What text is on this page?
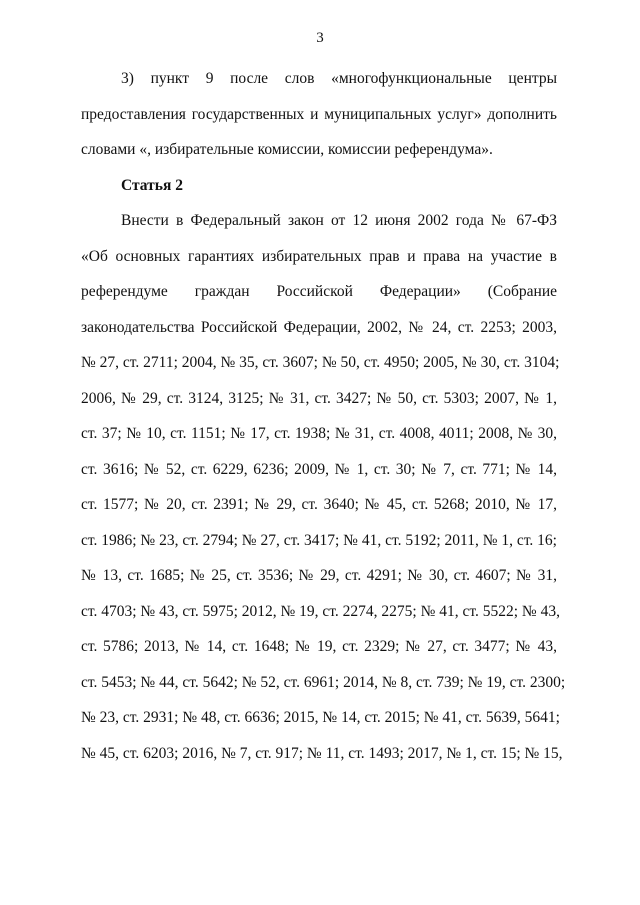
3
3) пункт 9 после слов «многофункциональные центры
предоставления государственных и муниципальных услуг» дополнить
словами «, избирательные комиссии, комиссии референдума».
Статья 2
Внести в Федеральный закон от 12 июня 2002 года № 67-ФЗ
«Об основных гарантиях избирательных прав и права на участие в
референдуме граждан Российской Федерации» (Собрание
законодательства Российской Федерации, 2002, № 24, ст. 2253; 2003,
№ 27, ст. 2711; 2004, № 35, ст. 3607; № 50, ст. 4950; 2005, № 30, ст. 3104;
2006, № 29, ст. 3124, 3125; № 31, ст. 3427; № 50, ст. 5303; 2007, № 1,
ст. 37; № 10, ст. 1151; № 17, ст. 1938; № 31, ст. 4008, 4011; 2008, № 30,
ст. 3616; № 52, ст. 6229, 6236; 2009, № 1, ст. 30; № 7, ст. 771; № 14,
ст. 1577; № 20, ст. 2391; № 29, ст. 3640; № 45, ст. 5268; 2010, № 17,
ст. 1986; № 23, ст. 2794; № 27, ст. 3417; № 41, ст. 5192; 2011, № 1, ст. 16;
№ 13, ст. 1685; № 25, ст. 3536; № 29, ст. 4291; № 30, ст. 4607; № 31,
ст. 4703; № 43, ст. 5975; 2012, № 19, ст. 2274, 2275; № 41, ст. 5522; № 43,
ст. 5786; 2013, № 14, ст. 1648; № 19, ст. 2329; № 27, ст. 3477; № 43,
ст. 5453; № 44, ст. 5642; № 52, ст. 6961; 2014, № 8, ст. 739; № 19, ст. 2300;
№ 23, ст. 2931; № 48, ст. 6636; 2015, № 14, ст. 2015; № 41, ст. 5639, 5641;
№ 45, ст. 6203; 2016, № 7, ст. 917; № 11, ст. 1493; 2017, № 1, ст. 15; № 15,
